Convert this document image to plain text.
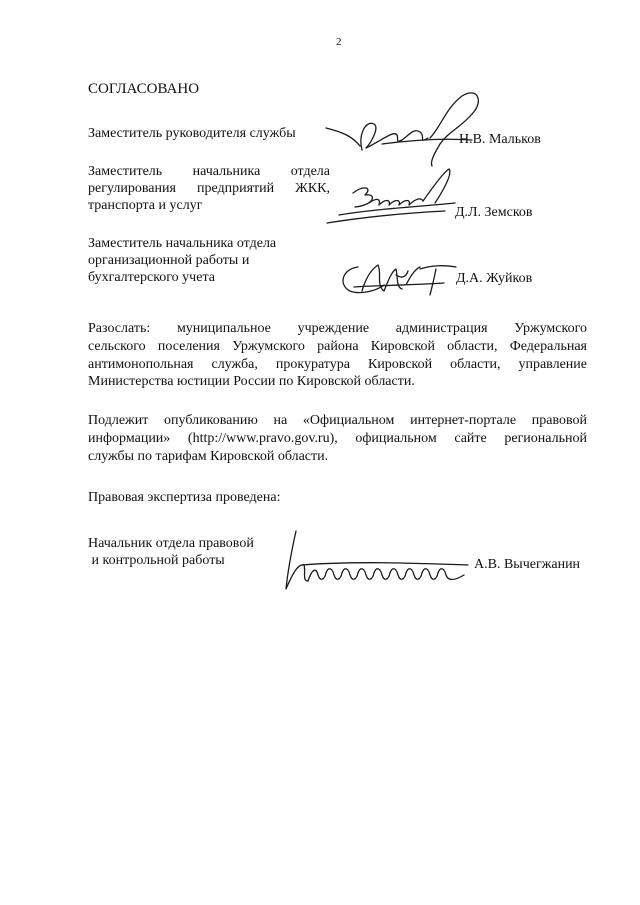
2
СОГЛАСОВАНО
Заместитель руководителя службы	Н.В. Мальков
Заместитель начальника отдела
регулирования предприятий ЖКК,
транспорта и услуг	Д.Л. Земсков
Заместитель начальника отдела
организационной работы и
бухгалтерского учета	Д.А. Жуйков
Разослать: муниципальное учреждение администрация Уржумского
сельского поселения Уржумского района Кировской области, Федеральная
антимонопольная служба, прокуратура Кировской области, управление
Министерства юстиции России по Кировской области.
Подлежит опубликованию на «Официальном интернет-портале правовой
информации» (http://www.pravo.gov.ru), официальном сайте региональной
службы по тарифам Кировской области.
Правовая экспертиза проведена:
Начальник отдела правовой
и контрольной работы	А.В. Вычегжанин
